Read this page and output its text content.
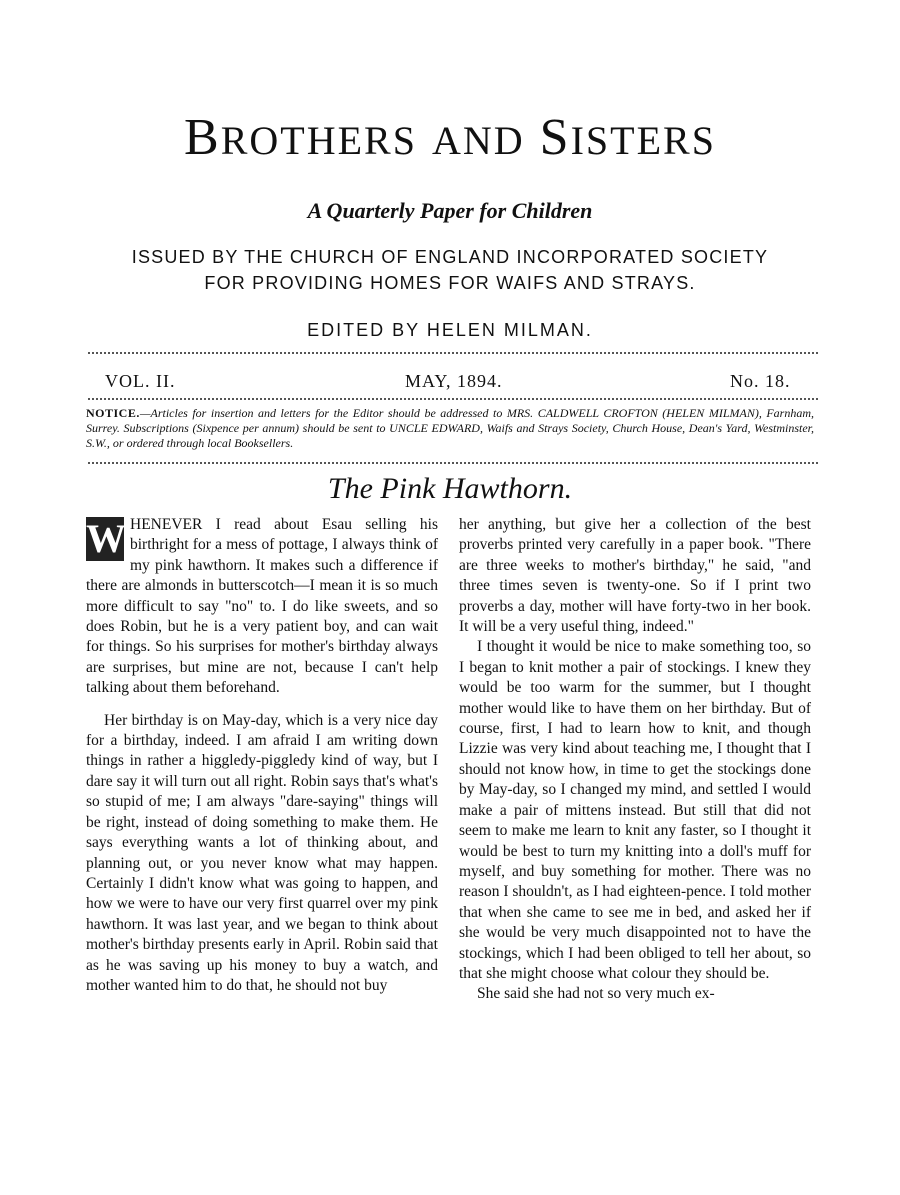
BROTHERS AND SISTERS
A Quarterly Paper for Children
ISSUED BY THE CHURCH OF ENGLAND INCORPORATED SOCIETY
FOR PROVIDING HOMES FOR WAIFS AND STRAYS.
EDITED BY HELEN MILMAN.
VOL. II.	MAY, 1894.	No. 18.
NOTICE.—Articles for insertion and letters for the Editor should be addressed to MRS. CALDWELL CROFTON (HELEN MILMAN), Farnham, Surrey. Subscriptions (Sixpence per annum) should be sent to UNCLE EDWARD, Waifs and Strays Society, Church House, Dean's Yard, Westminster, S.W., or ordered through local Booksellers.
The Pink Hawthorn.

W HENEVER I read about Esau selling his birthright for a mess of pottage, I always think of my pink hawthorn. It makes such a difference if there are almonds in butterscotch—I mean it is so much more difficult to say "no" to. I do like sweets, and so does Robin, but he is a very patient boy, and can wait for things. So his surprises for mother's birthday always are surprises, but mine are not, because I can't help talking about them beforehand.

Her birthday is on May-day, which is a very nice day for a birthday, indeed. I am afraid I am writing down things in rather a higgledy-piggledy kind of way, but I dare say it will turn out all right. Robin says that's what's so stupid of me; I am always "dare-saying" things will be right, instead of doing something to make them. He says everything wants a lot of thinking about, and planning out, or you never know what may happen. Certainly I didn't know what was going to happen, and how we were to have our very first quarrel over my pink hawthorn. It was last year, and we began to think about mother's birthday presents early in April. Robin said that as he was saving up his money to buy a watch, and mother wanted him to do that, he should not buy

her anything, but give her a collection of the best proverbs printed very carefully in a paper book. "There are three weeks to mother's birthday," he said, "and three times seven is twenty-one. So if I print two proverbs a day, mother will have forty-two in her book. It will be a very useful thing, indeed."

I thought it would be nice to make something too, so I began to knit mother a pair of stockings. I knew they would be too warm for the summer, but I thought mother would like to have them on her birthday. But of course, first, I had to learn how to knit, and though Lizzie was very kind about teaching me, I thought that I should not know how, in time to get the stockings done by May-day, so I changed my mind, and settled I would make a pair of mittens instead. But still that did not seem to make me learn to knit any faster, so I thought it would be best to turn my knitting into a doll's muff for myself, and buy something for mother. There was no reason I shouldn't, as I had eighteen-pence. I told mother that when she came to see me in bed, and asked her if she would be very much disappointed not to have the stockings, which I had been obliged to tell her about, so that she might choose what colour they should be.

She said she had not so very much ex-
